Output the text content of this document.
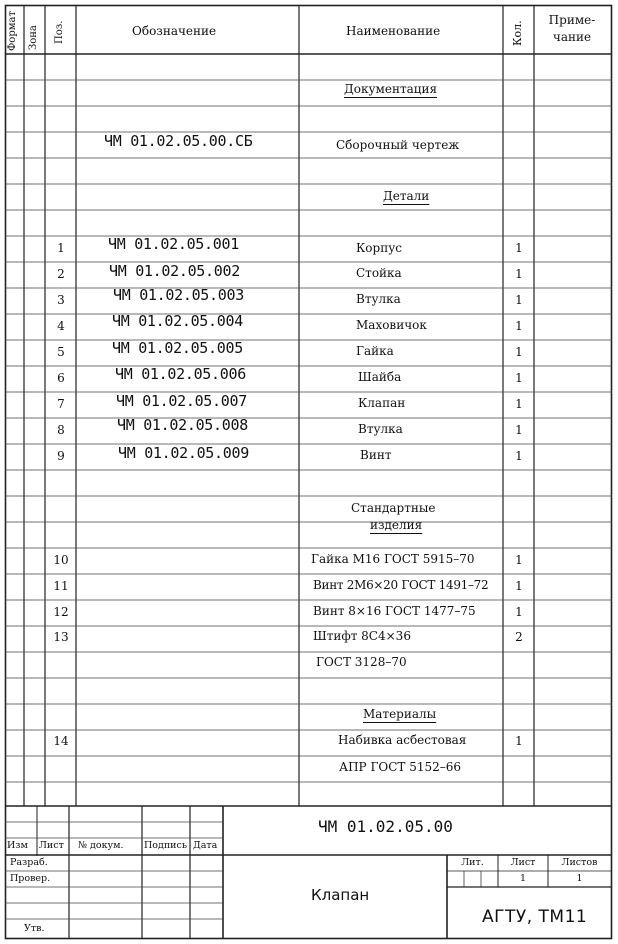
Формат Зона Поз.	Обозначение	Наименование	Кол.
Приме-
чание
Документация
ЧМ 01.02.05.00.СБ	Сборочный чертеж
Детали
1	ЧМ 01.02.05.001	Корпус	1
2	ЧМ 01.02.05.002	Стойка	1
3	ЧМ 01.02.05.003	Втулка	1
4	ЧМ 01.02.05.004	Маховичок	1
5	ЧМ 01.02.05.005	Гайка	1
6	ЧМ 01.02.05.006	Шайба	1
7	ЧМ 01.02.05.007	Клапан	1
8	ЧМ 01.02.05.008	Втулка	1
9	ЧМ 01.02.05.009	Винт	1
Стандартные
изделия
10	Гайка М16 ГОСТ 5915–70	1
11	Винт 2М6×20 ГОСТ 1491–72	1
12	Винт 8×16 ГОСТ 1477–75	1
13	Штифт 8С4×36	2
ГОСТ 3128–70
Материалы
14	Набивка асбестовая	1
АПР ГОСТ 5152–66
ЧМ 01.02.05.00
Изм Лист № докум. Подпись Дата
Разраб.
Провер.
Утв.
Клапан
Лит.	Лист	Листов
1	1
АГТУ, ТМ11
